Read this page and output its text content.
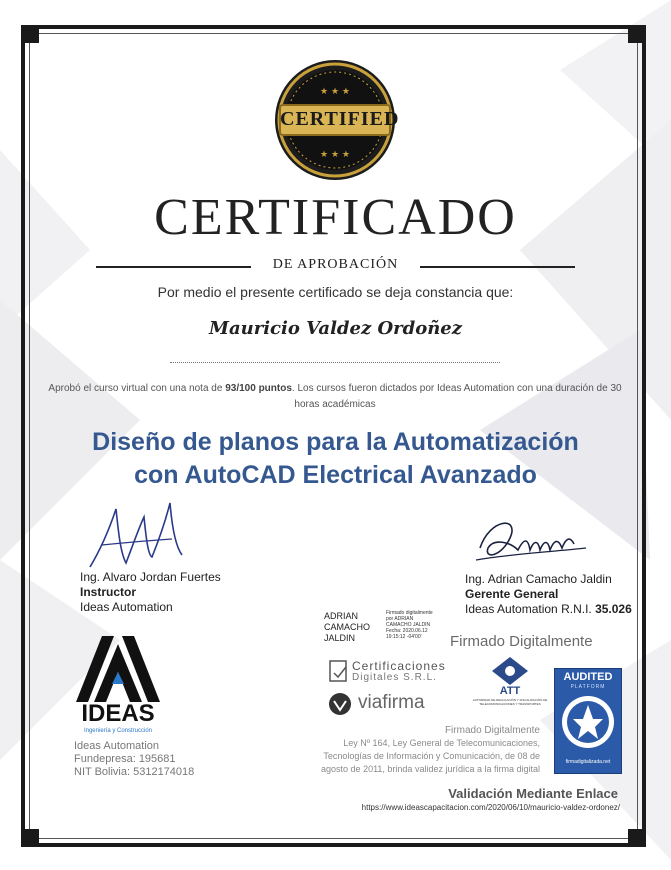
★ ★ ★
★ ★ ★
CERTIFIED
CERTIFICADO
DE APROBACIÓN
Por medio el presente certificado se deja constancia que:
Mauricio Valdez Ordoñez
Aprobó el curso virtual con una nota de 93/100 puntos. Los cursos fueron dictados por Ideas Automation con una duración de 30 horas académicas
Diseño de planos para la Automatización
con AutoCAD Electrical Avanzado
Ing. Alvaro Jordan Fuertes
Instructor
Ideas Automation
Ing. Adrian Camacho Jaldin
Gerente General
Ideas Automation R.N.I. 35.026
IDEAS
Ingeniería y Construcción
Ideas Automation
Fundepresa: 195681
NIT Bolivia: 5312174018
ADRIAN
CAMACHO
JALDIN
Firmado digitalmente
por ADRIAN
CAMACHO JALDIN
Fecha: 2020.06.12
19:15:12 -04'00'	Firmado Digitalmente
Certificaciones
Digitales S.R.L.
ATT
AUTORIDAD DE REGULACIÓN Y FISCALIZACIÓN DE TELECOMUNICACIONES Y TRANSPORTES
viafirma
AUDITED
PLATFORM
firmadigitalizada.net
Firmado Digitalmente
Ley Nº 164, Ley General de Telecomunicaciones,
Tecnologías de Información y Comunicación, de 08 de
agosto de 2011, brinda validez jurídica a la firma digital
Validación Mediante Enlace
https://www.ideascapacitacion.com/2020/06/10/mauricio-valdez-ordonez/
